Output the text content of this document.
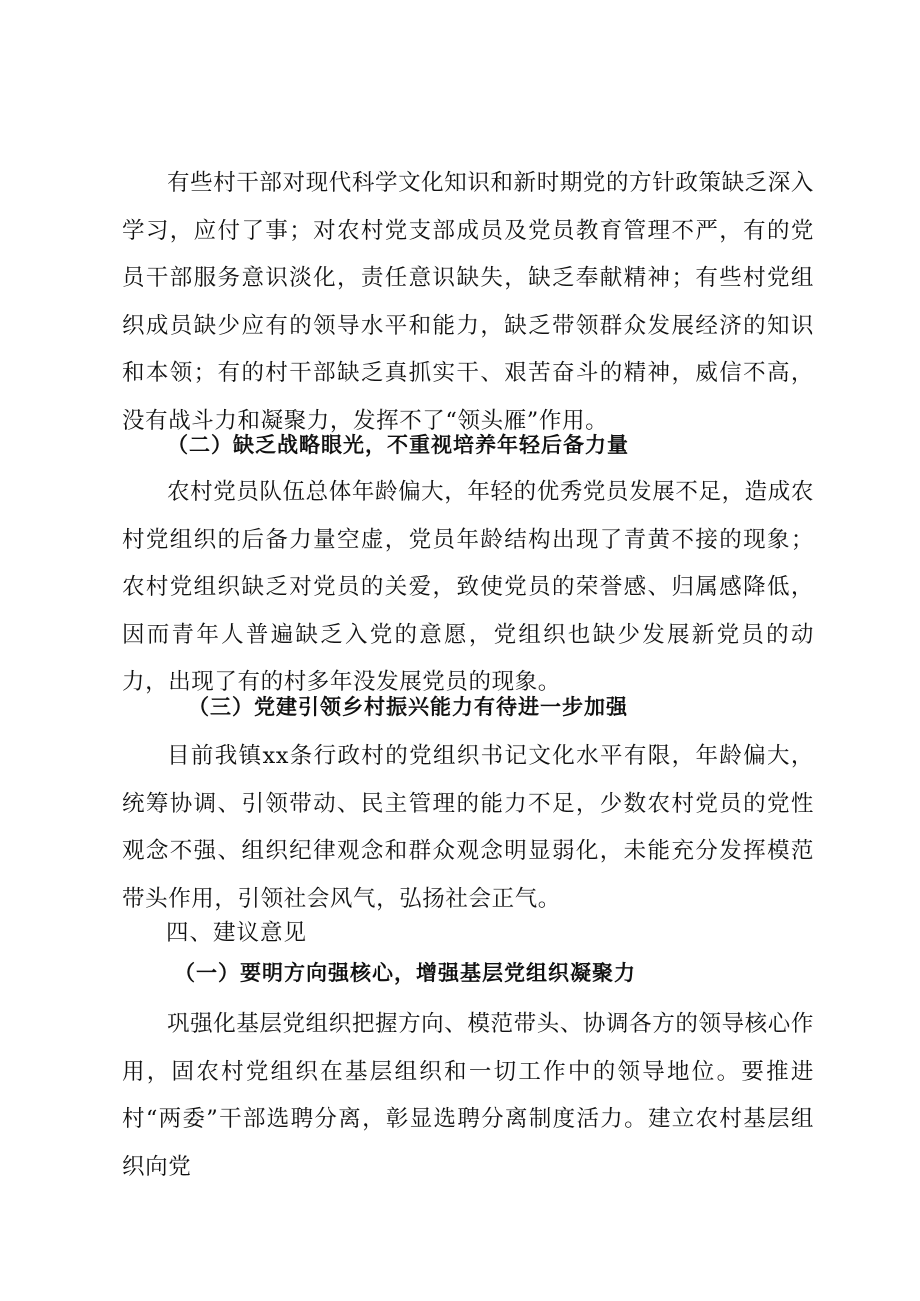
有些村干部对现代科学文化知识和新时期党的方针政策缺乏深入学习，应付了事；对农村党支部成员及党员教育管理不严，有的党员干部服务意识淡化，责任意识缺失，缺乏奉献精神；有些村党组织成员缺少应有的领导水平和能力，缺乏带领群众发展经济的知识和本领；有的村干部缺乏真抓实干、艰苦奋斗的精神，威信不高，没有战斗力和凝聚力，发挥不了“领头雁”作用。

（二）缺乏战略眼光，不重视培养年轻后备力量

农村党员队伍总体年龄偏大，年轻的优秀党员发展不足，造成农村党组织的后备力量空虚，党员年龄结构出现了青黄不接的现象；农村党组织缺乏对党员的关爱，致使党员的荣誉感、归属感降低，因而青年人普遍缺乏入党的意愿，党组织也缺少发展新党员的动力，出现了有的村多年没发展党员的现象。

（三）党建引领乡村振兴能力有待进一步加强

目前我镇xx条行政村的党组织书记文化水平有限，年龄偏大，统筹协调、引领带动、民主管理的能力不足，少数农村党员的党性观念不强、组织纪律观念和群众观念明显弱化，未能充分发挥模范带头作用，引领社会风气，弘扬社会正气。

四、建议意见

（一）要明方向强核心，增强基层党组织凝聚力

巩强化基层党组织把握方向、模范带头、协调各方的领导核心作用，固农村党组织在基层组织和一切工作中的领导地位。要推进村“两委”干部选聘分离，彰显选聘分离制度活力。建立农村基层组织向党
